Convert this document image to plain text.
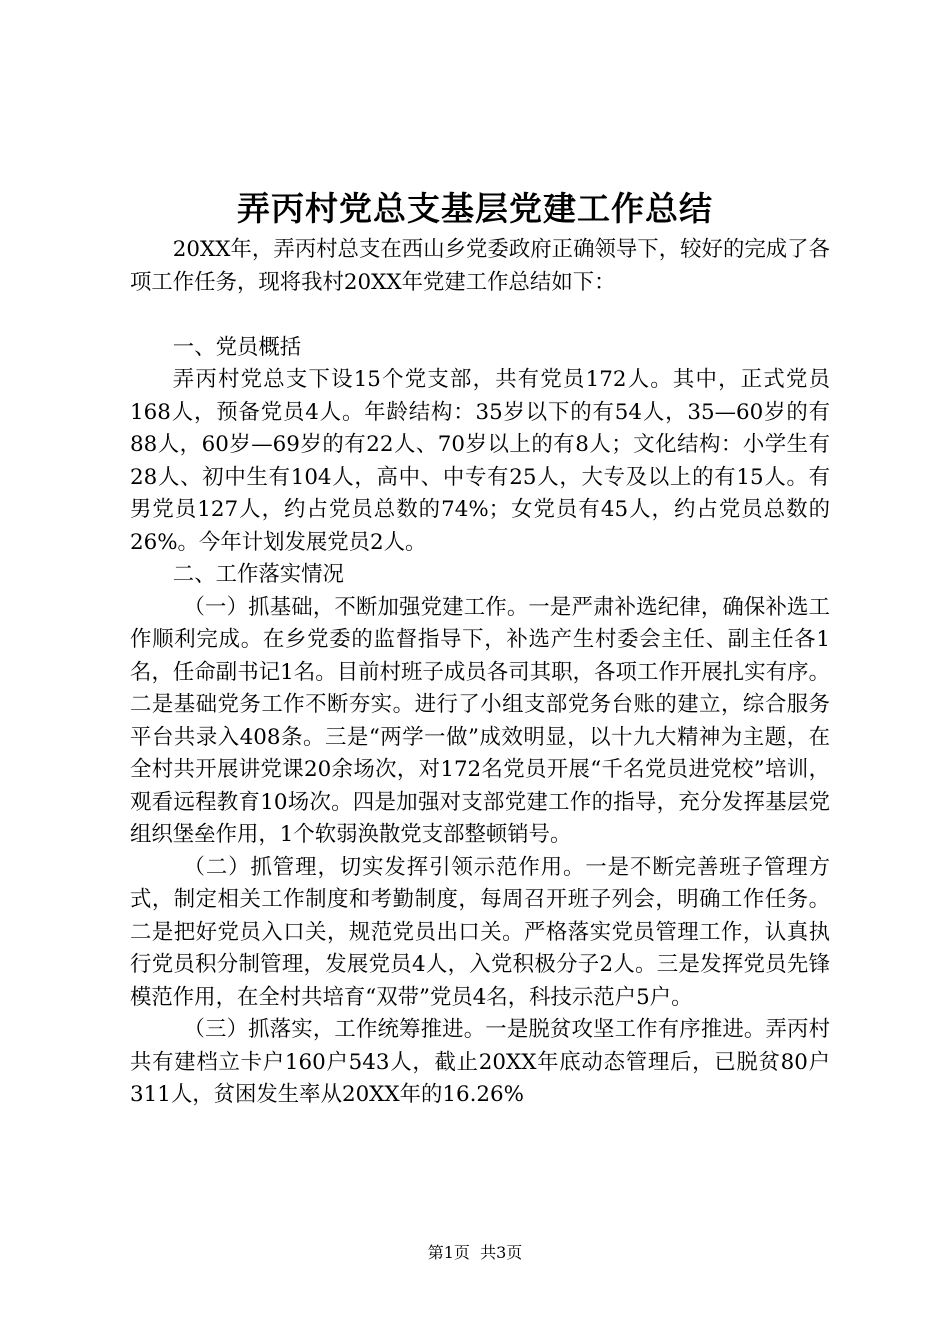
弄丙村党总支基层党建工作总结

20XX年，弄丙村总支在西山乡党委政府正确领导下，较好的完成了各项工作任务，现将我村20XX年党建工作总结如下：

一、党员概括

弄丙村党总支下设15个党支部，共有党员172人。其中，正式党员168人，预备党员4人。年龄结构：35岁以下的有54人，35—60岁的有88人，60岁—69岁的有22人、70岁以上的有8人；文化结构：小学生有28人、初中生有104人，高中、中专有25人，大专及以上的有15人。有男党员127人，约占党员总数的74%；女党员有45人，约占党员总数的26%。今年计划发展党员2人。

二、工作落实情况

（一）抓基础，不断加强党建工作。一是严肃补选纪律，确保补选工作顺利完成。在乡党委的监督指导下，补选产生村委会主任、副主任各1名，任命副书记1名。目前村班子成员各司其职，各项工作开展扎实有序。二是基础党务工作不断夯实。进行了小组支部党务台账的建立，综合服务平台共录入408条。三是“两学一做”成效明显，以十九大精神为主题，在全村共开展讲党课20余场次，对172名党员开展“千名党员进党校”培训，观看远程教育10场次。四是加强对支部党建工作的指导，充分发挥基层党组织堡垒作用，1个软弱涣散党支部整顿销号。

（二）抓管理，切实发挥引领示范作用。一是不断完善班子管理方式，制定相关工作制度和考勤制度，每周召开班子列会，明确工作任务。二是把好党员入口关，规范党员出口关。严格落实党员管理工作，认真执行党员积分制管理，发展党员4人，入党积极分子2人。三是发挥党员先锋模范作用，在全村共培育“双带”党员4名，科技示范户5户。

（三）抓落实，工作统筹推进。一是脱贫攻坚工作有序推进。弄丙村共有建档立卡户160户543人，截止20XX年底动态管理后，已脱贫80户311人，贫困发生率从20XX年的16.26%

第1页  共3页
